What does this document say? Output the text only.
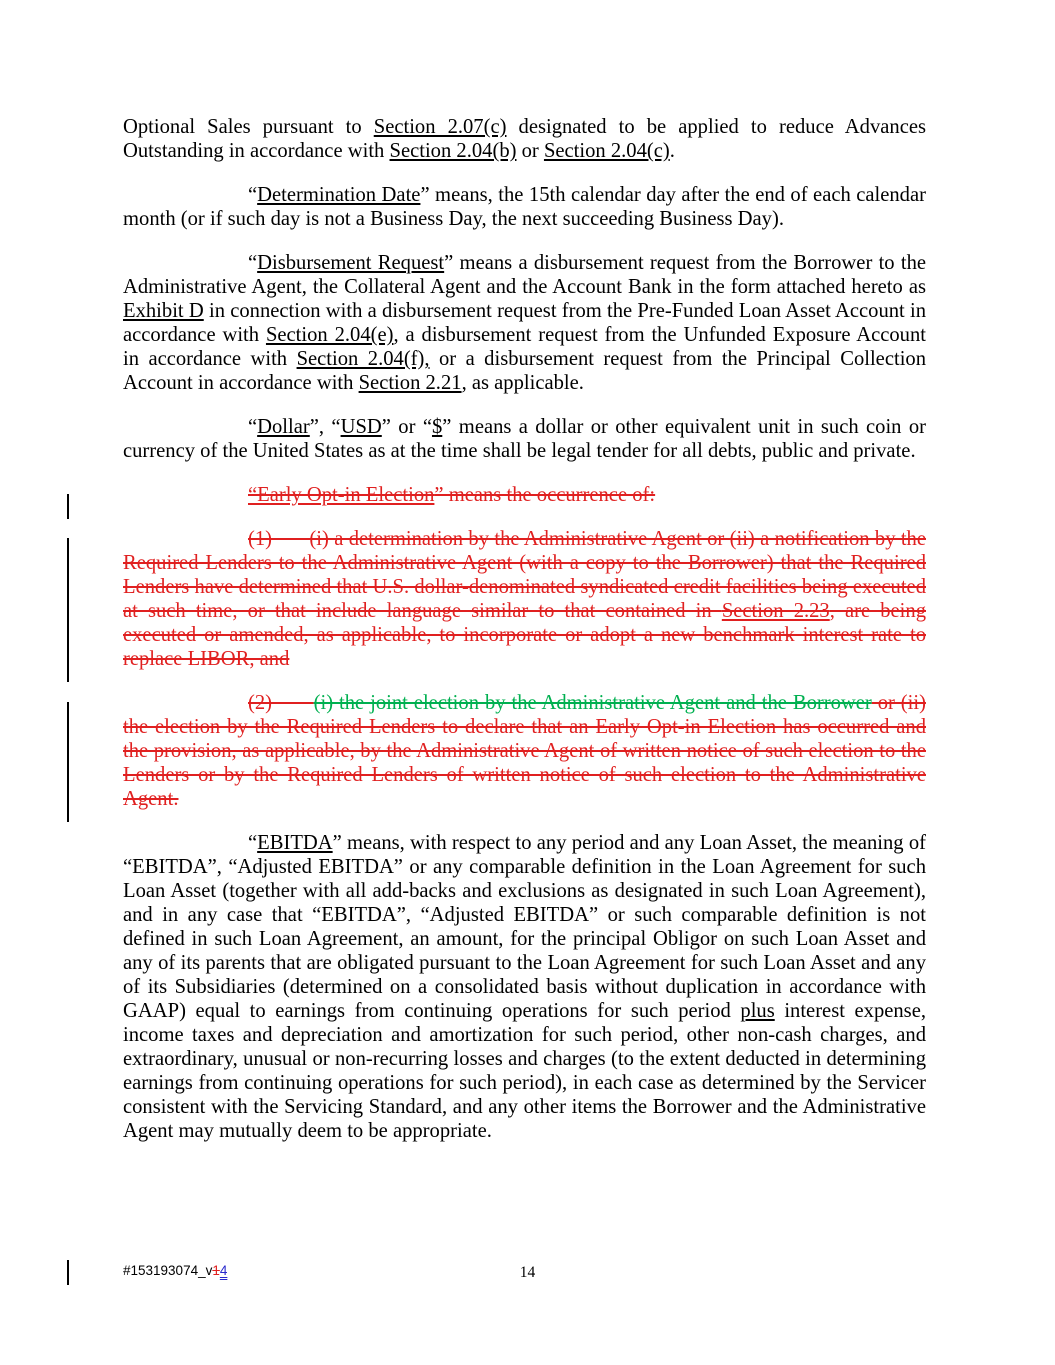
Optional Sales pursuant to Section 2.07(c) designated to be applied to reduce Advances Outstanding in accordance with Section 2.04(b) or Section 2.04(c).

“Determination Date” means, the 15th calendar day after the end of each calendar month (or if such day is not a Business Day, the next succeeding Business Day).

“Disbursement Request” means a disbursement request from the Borrower to the Administrative Agent, the Collateral Agent and the Account Bank in the form attached hereto as Exhibit D in connection with a disbursement request from the Pre-Funded Loan Asset Account in accordance with Section 2.04(e), a disbursement request from the Unfunded Exposure Account in accordance with Section 2.04(f), or a disbursement request from the Principal Collection Account in accordance with Section 2.21, as applicable.

“Dollar”, “USD” or “$” means a dollar or other equivalent unit in such coin or currency of the United States as at the time shall be legal tender for all debts, public and private.

“Early Opt-in Election” means the occurrence of:

(1)       (i) a determination by the Administrative Agent or (ii) a notification by the Required Lenders to the Administrative Agent (with a copy to the Borrower) that the Required Lenders have determined that U.S. dollar-denominated syndicated credit facilities being executed at such time, or that include language similar to that contained in Section 2.23, are being executed or amended, as applicable, to incorporate or adopt a new benchmark interest rate to replace LIBOR, and

(2)       (i) the joint election by the Administrative Agent and the Borrower or (ii) the election by the Required Lenders to declare that an Early Opt-in Election has occurred and the provision, as applicable, by the Administrative Agent of written notice of such election to the Lenders or by the Required Lenders of written notice of such election to the Administrative Agent.

“EBITDA” means, with respect to any period and any Loan Asset, the meaning of “EBITDA”, “Adjusted EBITDA” or any comparable definition in the Loan Agreement for such Loan Asset (together with all add-backs and exclusions as designated in such Loan Agreement), and in any case that “EBITDA”, “Adjusted EBITDA” or such comparable definition is not defined in such Loan Agreement, an amount, for the principal Obligor on such Loan Asset and any of its parents that are obligated pursuant to the Loan Agreement for such Loan Asset and any of its Subsidiaries (determined on a consolidated basis without duplication in accordance with GAAP) equal to earnings from continuing operations for such period plus interest expense, income taxes and depreciation and amortization for such period, other non-cash charges, and extraordinary, unusual or non-recurring losses and charges (to the extent deducted in determining earnings from continuing operations for such period), in each case as determined by the Servicer consistent with the Servicing Standard, and any other items the Borrower and the Administrative Agent may mutually deem to be appropriate.

#153193074_v14	14
